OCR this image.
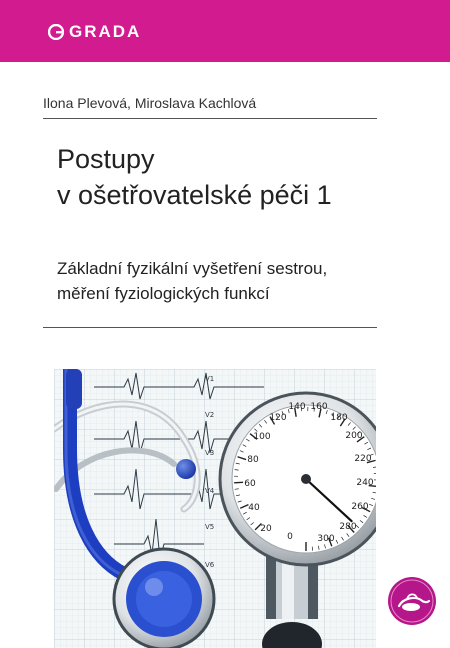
GRADA
Ilona Plevová, Miroslava Kachlová
Postupy
v ošetřovatelské péči 1

Základní fyzikální vyšetření sestrou,
měření fyziologických funkcí

V1
V2
V3
V4
V5
V6
20
40
60
80
100
120
140 160
180
200
220
240
260
280
300
0
